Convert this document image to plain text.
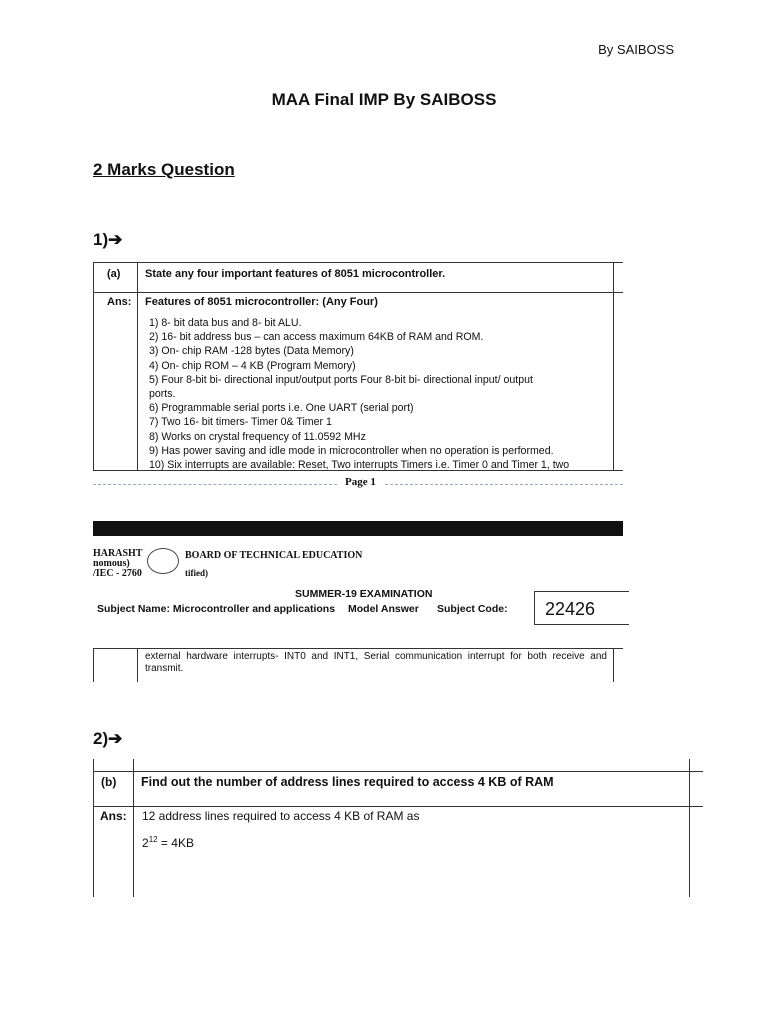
By SAIBOSS
MAA Final IMP By SAIBOSS
2 Marks Question
1)➔
(a) State any four important features of 8051 microcontroller.
Ans: Features of 8051 microcontroller: (Any Four)
1) 8- bit data bus and 8- bit ALU.
2) 16- bit address bus – can access maximum 64KB of RAM and ROM.
3) On- chip RAM -128 bytes (Data Memory)
4) On- chip ROM – 4 KB (Program Memory)
5) Four 8-bit bi- directional input/output ports Four 8-bit bi- directional input/ output
ports.
6) Programmable serial ports i.e. One UART (serial port)
7) Two 16- bit timers- Timer 0& Timer 1
8) Works on crystal frequency of 11.0592 MHz
9) Has power saving and idle mode in microcontroller when no operation is performed.
10) Six interrupts are available: Reset, Two interrupts Timers i.e. Timer 0 and Timer 1, two
Page 1
HARASHT
nomous)
/IEC - 2760
BOARD OF TECHNICAL EDUCATION
tified)
SUMMER-19 EXAMINATION
Subject Name: Microcontroller and applications Model Answer Subject Code:	22426
external hardware interrupts- INT0 and INT1, Serial communication interrupt for both receive and transmit.
2)➔
(b) Find out the number of address lines required to access 4 KB of RAM
Ans: 12 address lines required to access 4 KB of RAM as
$2^{12} = 4KB$
